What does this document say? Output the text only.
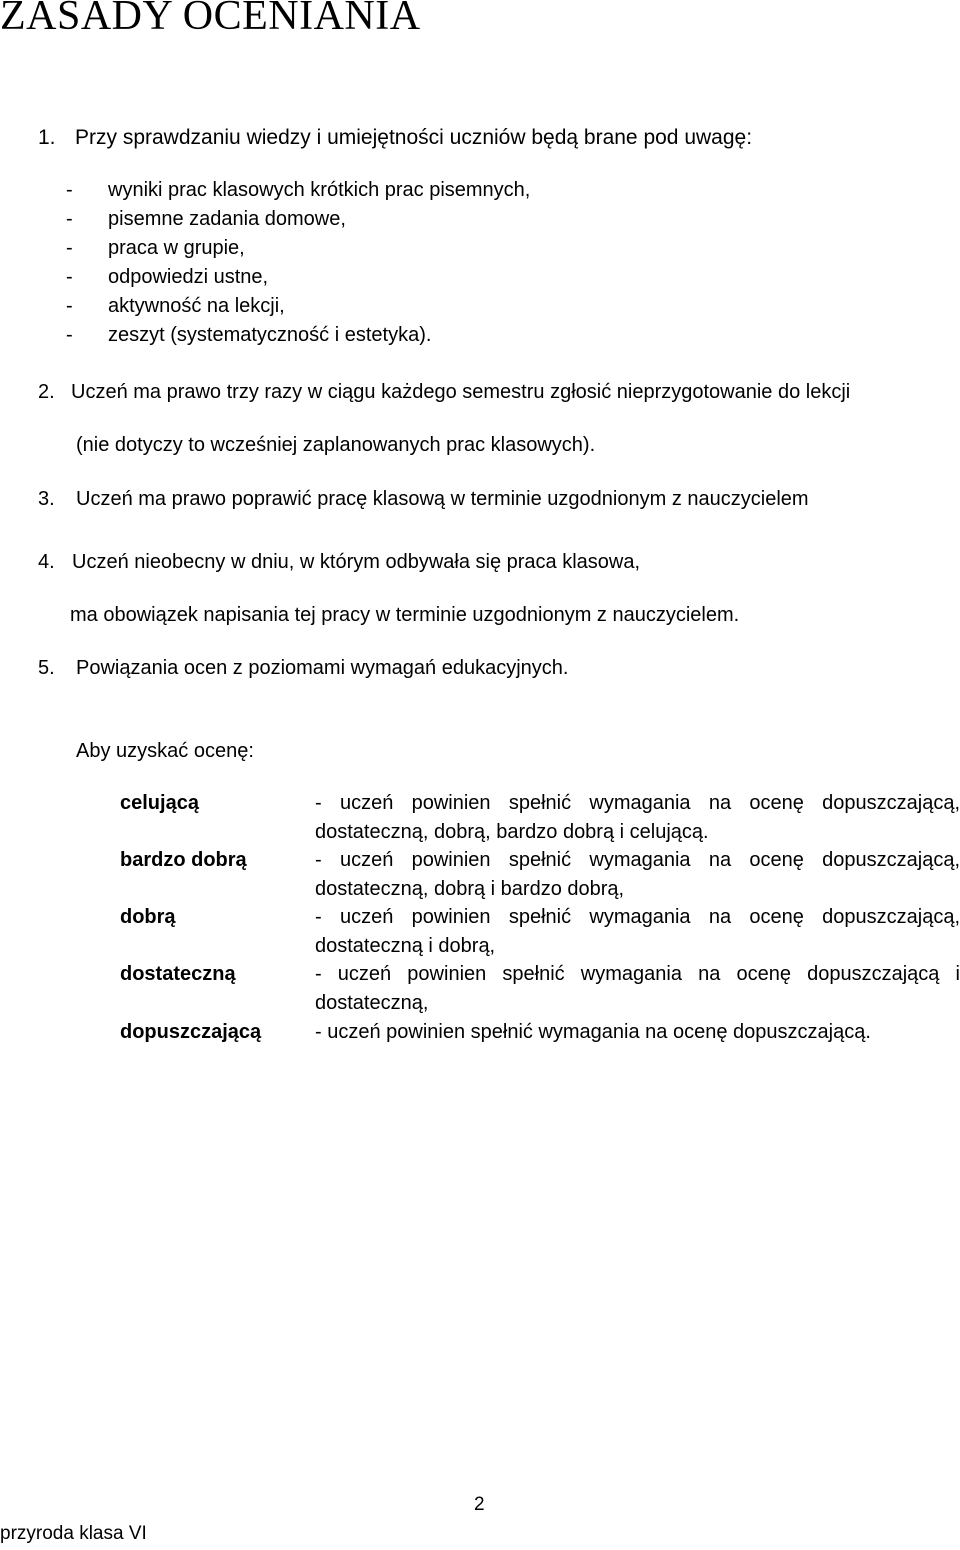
ZASADY OCENIANIA
1. Przy sprawdzaniu wiedzy i umiejętności uczniów będą brane pod uwagę:
- wyniki prac klasowych krótkich prac pisemnych,
- pisemne zadania domowe,
- praca w grupie,
- odpowiedzi ustne,
- aktywność na lekcji,
- zeszyt (systematyczność i estetyka).
2. Uczeń ma prawo trzy razy w ciągu każdego semestru zgłosić nieprzygotowanie do lekcji
(nie dotyczy to wcześniej zaplanowanych prac klasowych).
3. Uczeń ma prawo poprawić pracę klasową w terminie uzgodnionym z nauczycielem
4. Uczeń nieobecny w dniu, w którym odbywała się praca klasowa,
ma obowiązek napisania tej pracy w terminie uzgodnionym z nauczycielem.
5. Powiązania ocen z poziomami wymagań edukacyjnych.
Aby uzyskać ocenę:
celującą	- uczeń powinien spełnić wymagania na ocenę dopuszczającą, dostateczną, dobrą, bardzo dobrą i celującą.
bardzo dobrą	- uczeń powinien spełnić wymagania na ocenę dopuszczającą, dostateczną, dobrą i bardzo dobrą,
dobrą	- uczeń powinien spełnić wymagania na ocenę dopuszczającą, dostateczną i dobrą,
dostateczną	- uczeń powinien spełnić wymagania na ocenę dopuszczającą i dostateczną,
dopuszczającą	- uczeń powinien spełnić wymagania na ocenę dopuszczającą.
2
przyroda klasa VI
